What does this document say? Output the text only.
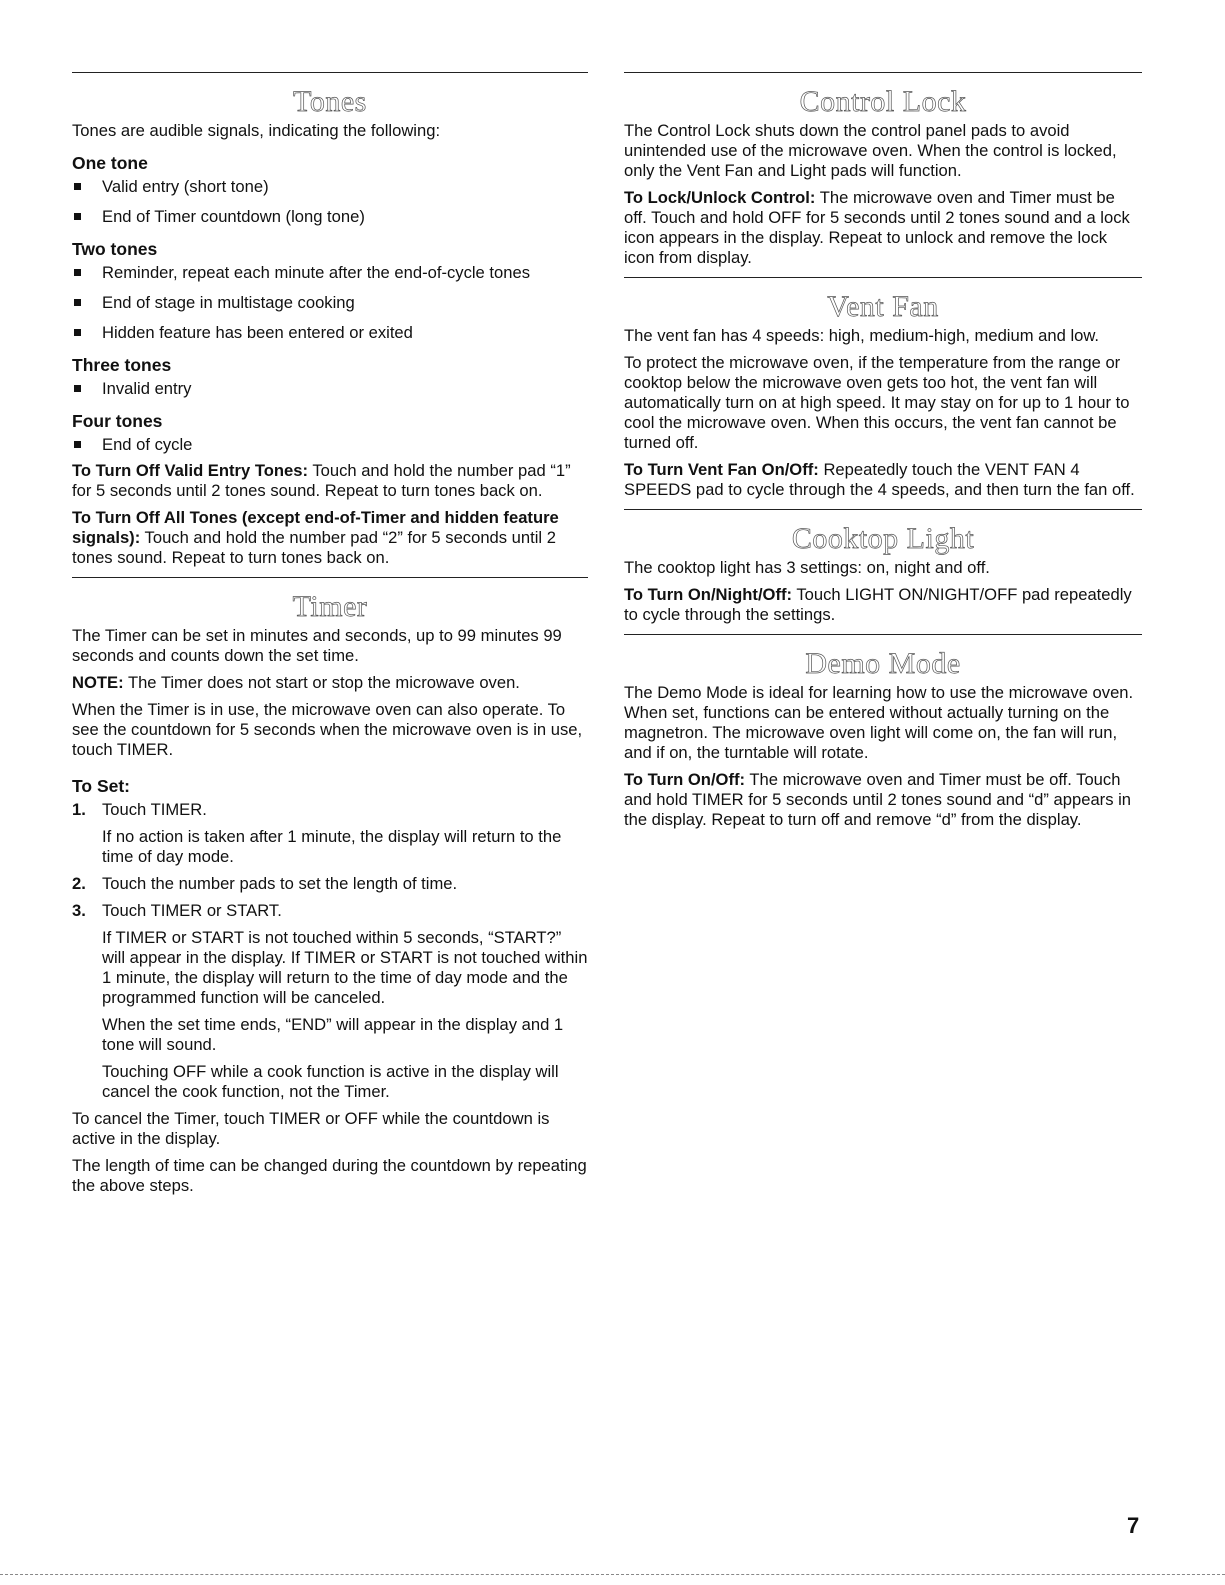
Tones

Tones are audible signals, indicating the following:

One tone
Valid entry (short tone)
End of Timer countdown (long tone)
Two tones
Reminder, repeat each minute after the end-of-cycle tones
End of stage in multistage cooking
Hidden feature has been entered or exited
Three tones
Invalid entry
Four tones
End of cycle

To Turn Off Valid Entry Tones: Touch and hold the number pad “1” for 5 seconds until 2 tones sound. Repeat to turn tones back on.

To Turn Off All Tones (except end-of-Timer and hidden feature signals): Touch and hold the number pad “2” for 5 seconds until 2 tones sound. Repeat to turn tones back on.

Timer

The Timer can be set in minutes and seconds, up to 99 minutes 99 seconds and counts down the set time.

NOTE: The Timer does not start or stop the microwave oven.

When the Timer is in use, the microwave oven can also operate. To see the countdown for 5 seconds when the microwave oven is in use, touch TIMER.

To Set:
1. Touch TIMER.

If no action is taken after 1 minute, the display will return to the time of day mode.

2. Touch the number pads to set the length of time.

3. Touch TIMER or START.

If TIMER or START is not touched within 5 seconds, “START?” will appear in the display. If TIMER or START is not touched within 1 minute, the display will return to the time of day mode and the programmed function will be canceled.

When the set time ends, “END” will appear in the display and 1 tone will sound.

Touching OFF while a cook function is active in the display will cancel the cook function, not the Timer.

To cancel the Timer, touch TIMER or OFF while the countdown is active in the display.

The length of time can be changed during the countdown by repeating the above steps.

Control Lock

The Control Lock shuts down the control panel pads to avoid unintended use of the microwave oven. When the control is locked, only the Vent Fan and Light pads will function.

To Lock/Unlock Control: The microwave oven and Timer must be off. Touch and hold OFF for 5 seconds until 2 tones sound and a lock icon appears in the display. Repeat to unlock and remove the lock icon from display.

Vent Fan

The vent fan has 4 speeds: high, medium-high, medium and low.

To protect the microwave oven, if the temperature from the range or cooktop below the microwave oven gets too hot, the vent fan will automatically turn on at high speed. It may stay on for up to 1 hour to cool the microwave oven. When this occurs, the vent fan cannot be turned off.

To Turn Vent Fan On/Off: Repeatedly touch the VENT FAN 4 SPEEDS pad to cycle through the 4 speeds, and then turn the fan off.

Cooktop Light

The cooktop light has 3 settings: on, night and off.

To Turn On/Night/Off: Touch LIGHT ON/NIGHT/OFF pad repeatedly to cycle through the settings.

Demo Mode

The Demo Mode is ideal for learning how to use the microwave oven. When set, functions can be entered without actually turning on the magnetron. The microwave oven light will come on, the fan will run, and if on, the turntable will rotate.

To Turn On/Off: The microwave oven and Timer must be off. Touch and hold TIMER for 5 seconds until 2 tones sound and “d” appears in the display. Repeat to turn off and remove “d” from the display.

7
